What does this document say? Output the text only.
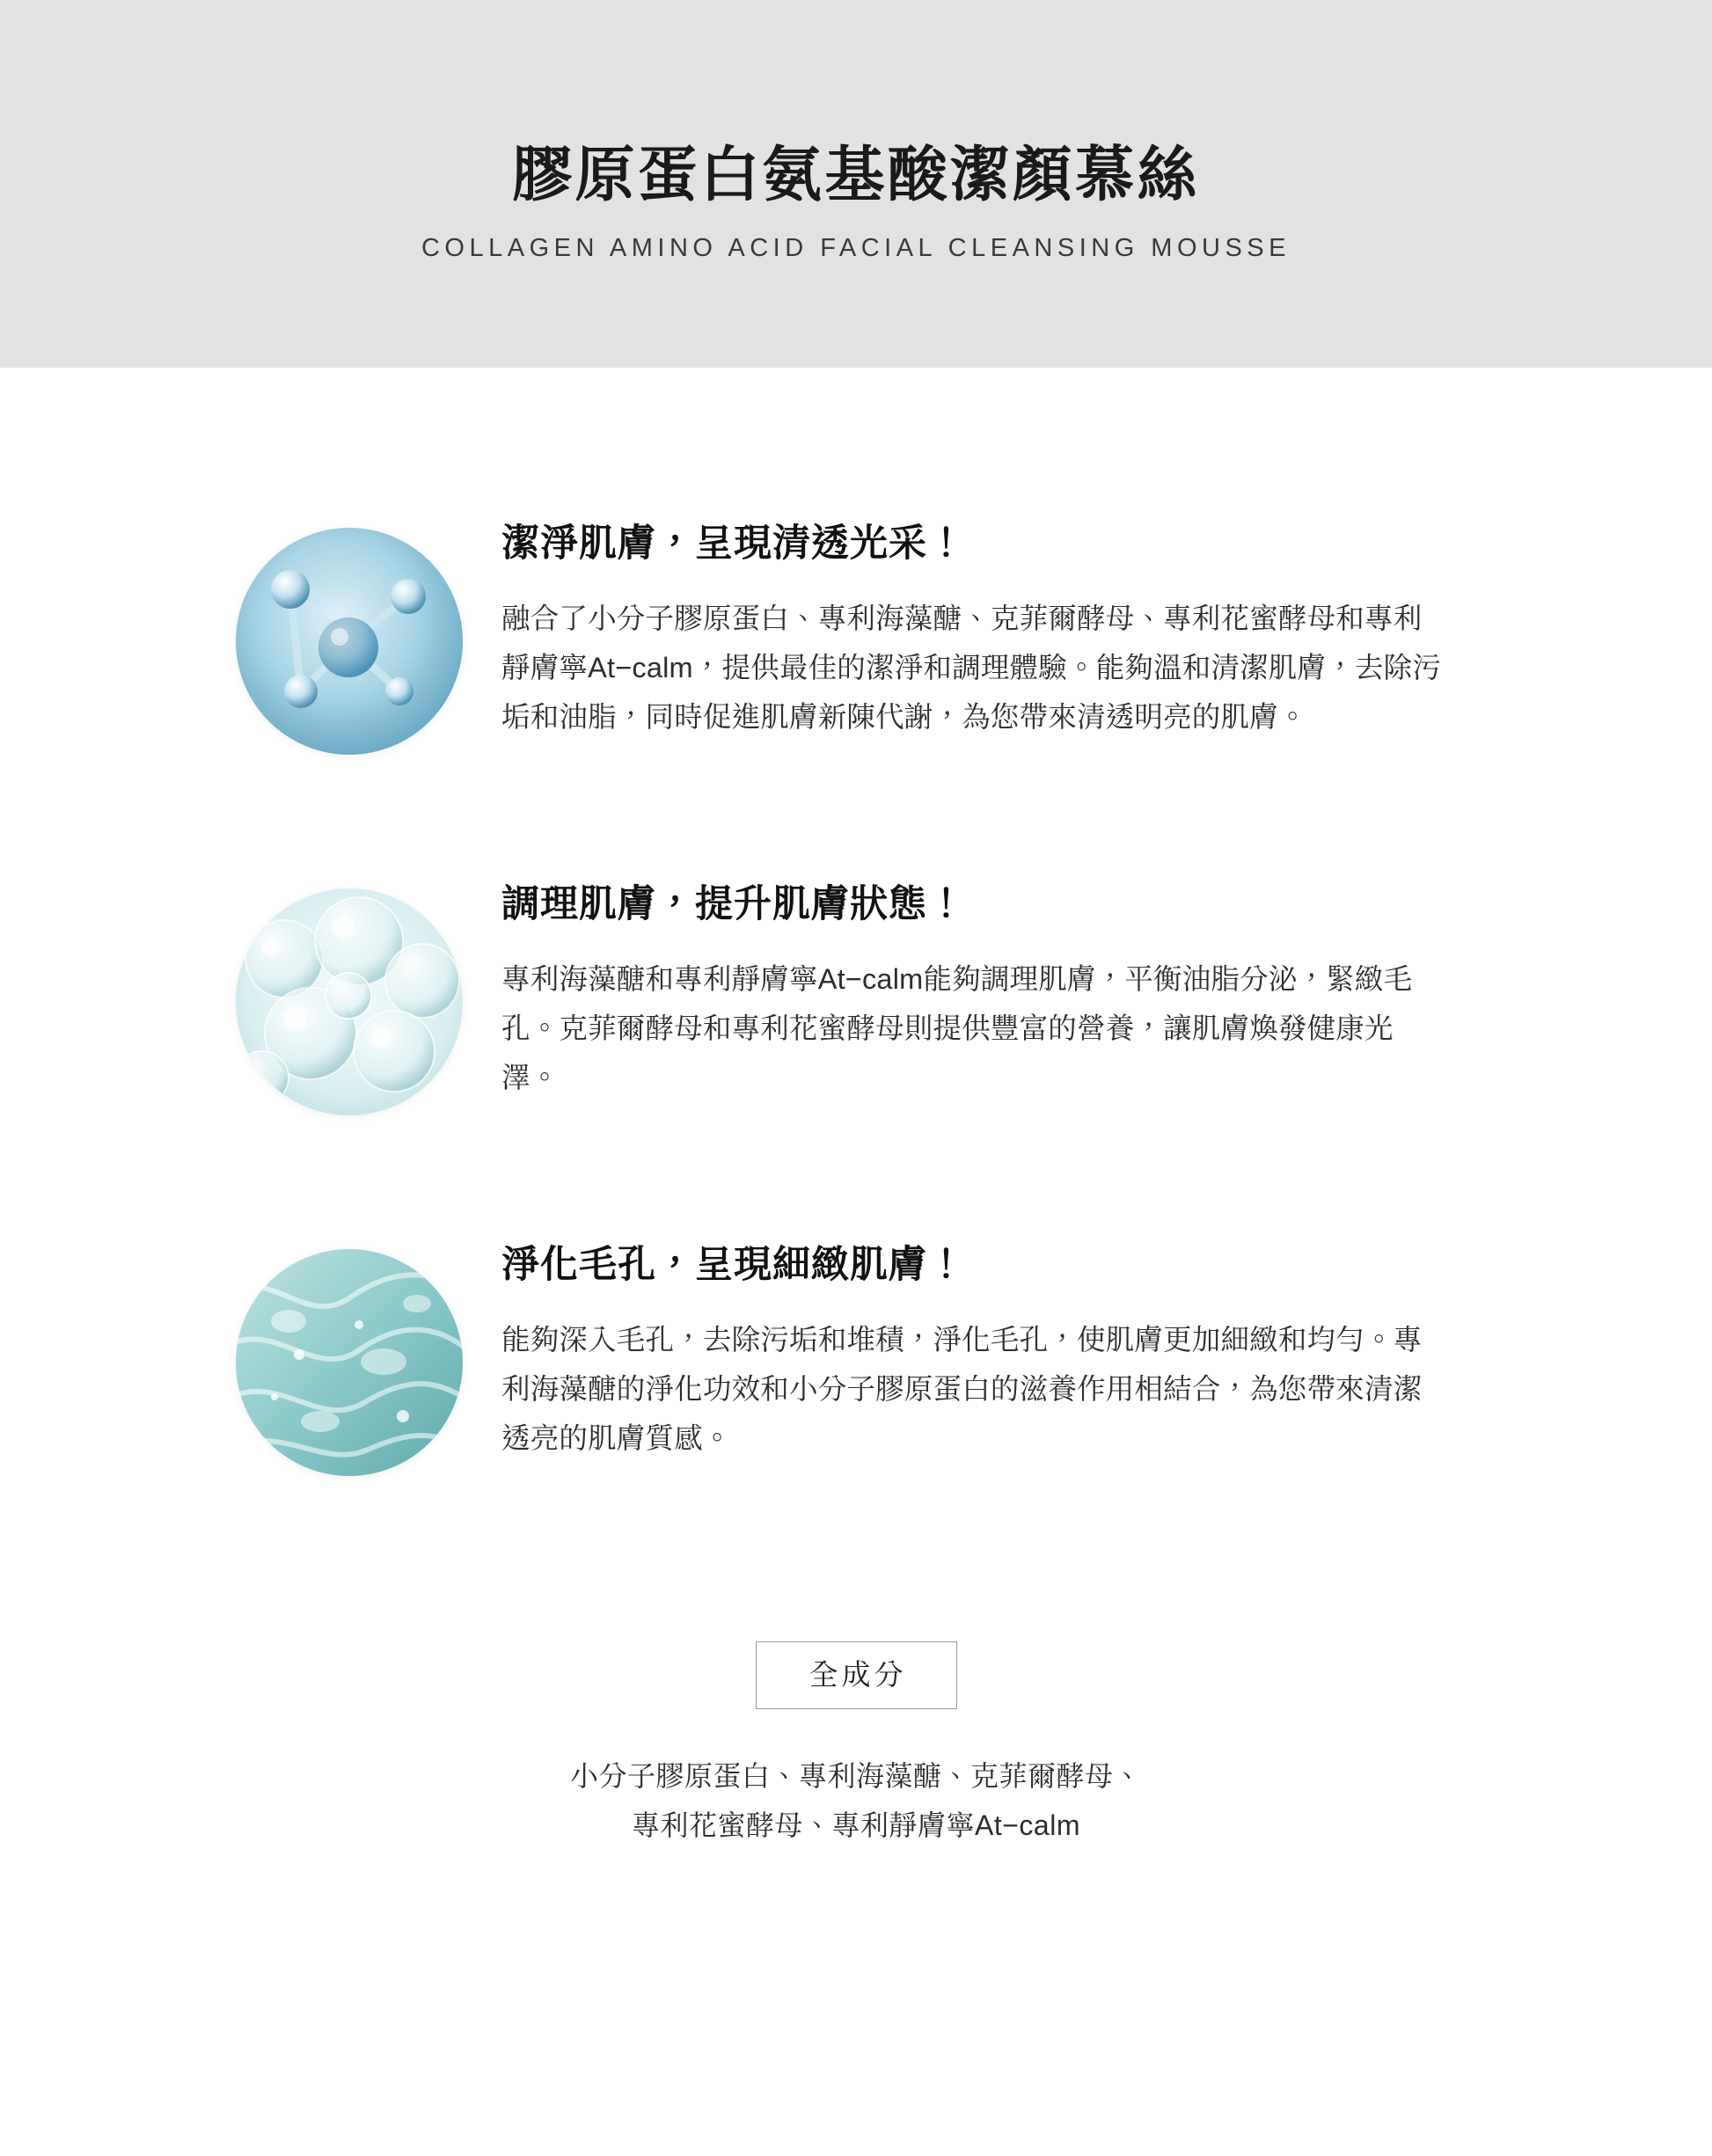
膠原蛋白氨基酸潔顏慕絲

COLLAGEN AMINO ACID FACIAL CLEANSING MOUSSE

潔淨肌膚，呈現清透光采！

融合了小分子膠原蛋白、專利海藻醣、克菲爾酵母、專利花蜜酵母和專利靜膚寧At−calm，提供最佳的潔淨和調理體驗。能夠溫和清潔肌膚，去除污垢和油脂，同時促進肌膚新陳代謝，為您帶來清透明亮的肌膚。

調理肌膚，提升肌膚狀態！

專利海藻醣和專利靜膚寧At−calm能夠調理肌膚，平衡油脂分泌，緊緻毛孔。克菲爾酵母和專利花蜜酵母則提供豐富的營養，讓肌膚煥發健康光澤。

淨化毛孔，呈現細緻肌膚！

能夠深入毛孔，去除污垢和堆積，淨化毛孔，使肌膚更加細緻和均勻。專利海藻醣的淨化功效和小分子膠原蛋白的滋養作用相結合，為您帶來清潔透亮的肌膚質感。

全成分
小分子膠原蛋白、專利海藻醣、克菲爾酵母、
專利花蜜酵母、專利靜膚寧At−calm
